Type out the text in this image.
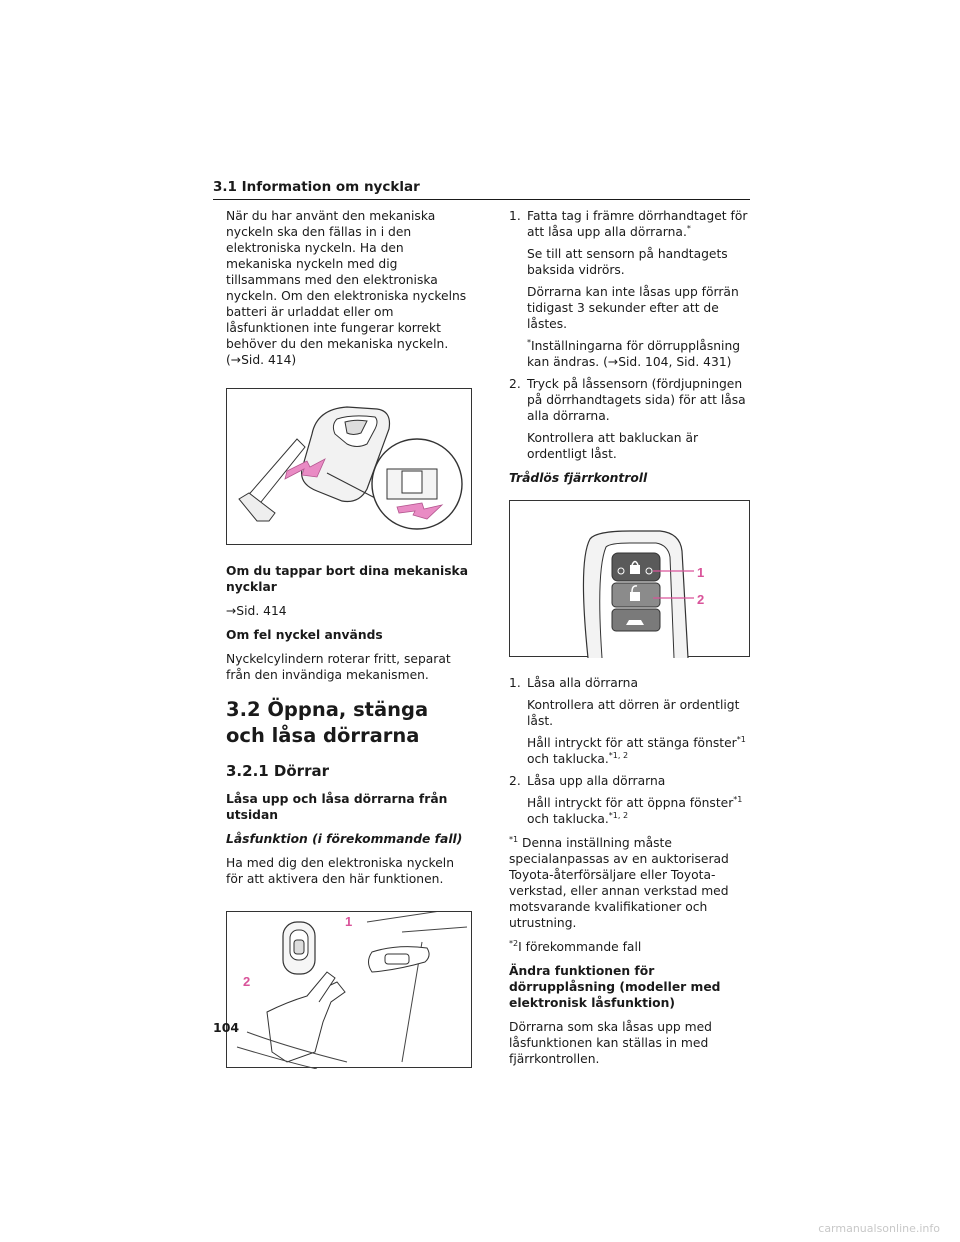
3.1 Information om nycklar

När du har använt den mekaniska nyckeln ska den fällas in i den elektroniska nyckeln. Ha den mekaniska nyckeln med dig tillsammans med den elektroniska nyckeln. Om den elektroniska nyckelns batteri är urladdat eller om låsfunktionen inte fungerar korrekt behöver du den mekaniska nyckeln. (→Sid. 414)

Om du tappar bort dina mekaniska nycklar

→Sid. 414

Om fel nyckel används

Nyckelcylindern roterar fritt, separat från den invändiga mekanismen.

3.2 Öppna, stänga och låsa dörrarna
3.2.1 Dörrar

Låsa upp och låsa dörrarna från utsidan

Låsfunktion (i förekommande fall)

Ha med dig den elektroniska nyckeln för att aktivera den här funktionen.

1
2
1. Fatta tag i främre dörrhandtaget för att låsa upp alla dörrarna.*

Se till att sensorn på handtagets baksida vidrörs.

Dörrarna kan inte låsas upp förrän tidigast 3 sekunder efter att de låstes.

*Inställningarna för dörrupplåsning kan ändras. (→Sid. 104, Sid. 431)

2. Tryck på låssensorn (fördjupningen på dörrhandtagets sida) för att låsa alla dörrarna.

Kontrollera att bakluckan är ordentligt låst.

Trådlös fjärrkontroll

1
2
1. Låsa alla dörrarna

Kontrollera att dörren är ordentligt låst.

Håll intryckt för att stänga fönster$^{*1}$
och taklucka.$^{*1, 2}$

2. Låsa upp alla dörrarna

Håll intryckt för att öppna fönster$^{*1}$
och taklucka.$^{*1, 2}$

$^{*1}$ Denna inställning måste specialanpassas av en auktoriserad Toyota-återförsäljare eller Toyota-verkstad, eller annan verkstad med motsvarande kvalifikationer och utrustning.

$^{*2}$I förekommande fall

Ändra funktionen för dörrupplåsning (modeller med elektronisk låsfunktion)

Dörrarna som ska låsas upp med låsfunktionen kan ställas in med fjärrkontrollen.

104
carmanualsonline.info
